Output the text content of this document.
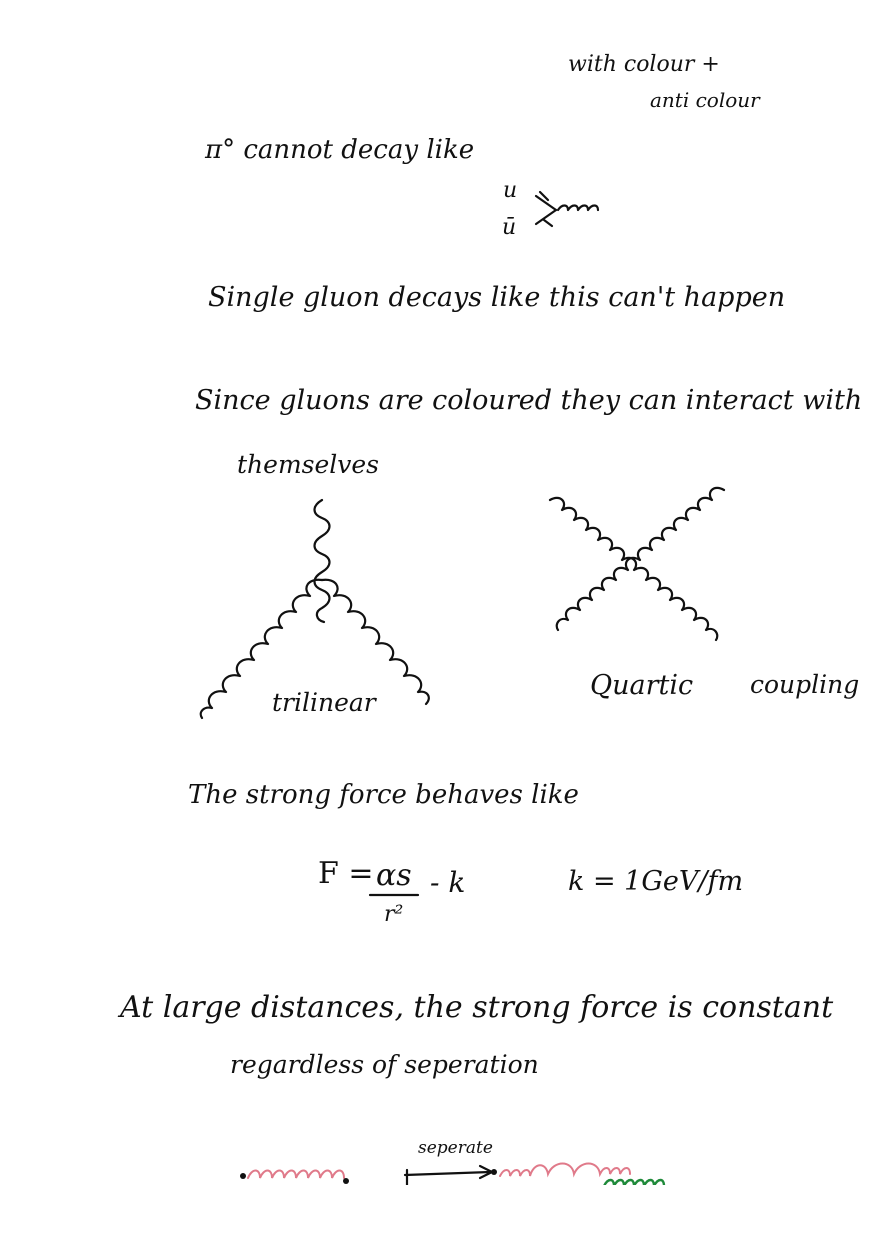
with colour +
anti colour
π° cannot decay like
u
ū
Single gluon decays like this can't happen
Since gluons are coloured they can interact with
themselves
trilinear
Quartic coupling
The strong force behaves like
F = αs
r²
- k	k = 1GeV/fm
At large distances, the strong force is constant
regardless of seperation
seperate
